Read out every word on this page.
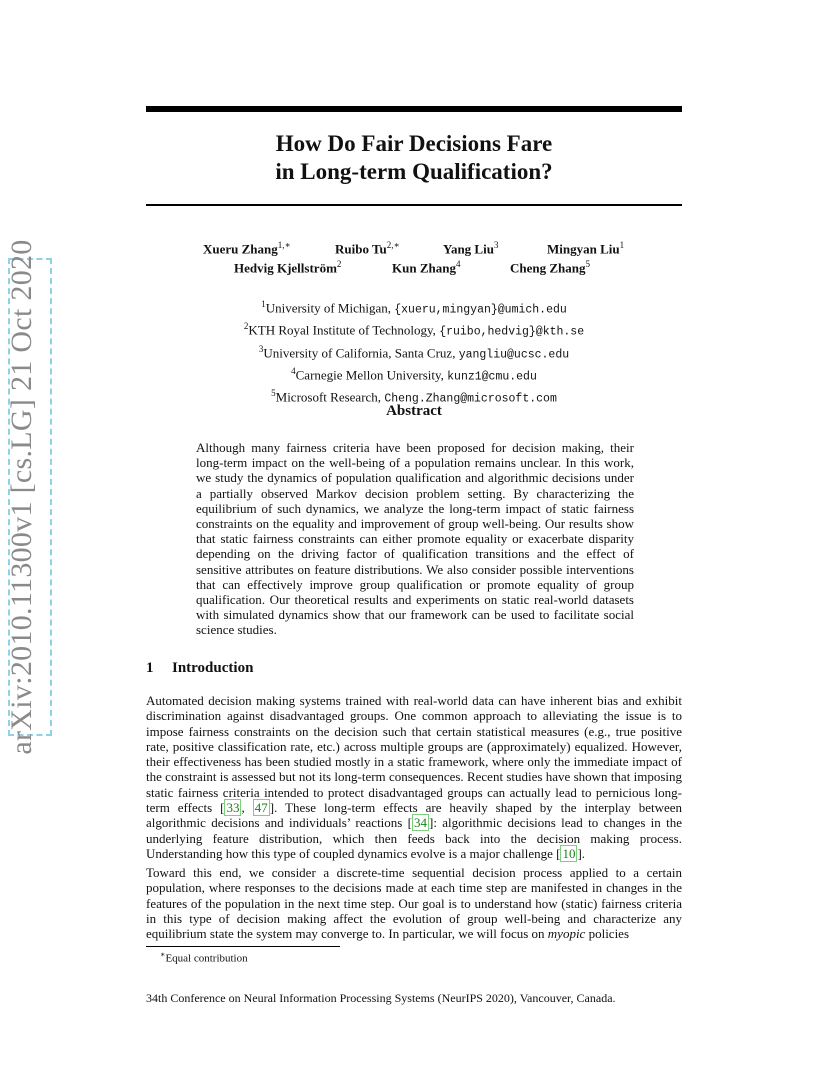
arXiv:2010.11300v1 [cs.LG] 21 Oct 2020
How Do Fair Decisions Fare
in Long-term Qualification?
Xueru Zhang$^{1,∗}$	Ruibo $Tu^{2,∗}$	Yang Liu$^3$	Mingyan Liu$^1$
Hedvig Kjellström$^2$	Kun Zhang$^4$	Cheng Zhang$^5$
$^1$University of Michigan, {xueru,mingyan}@umich.edu
$^2$KTH Royal Institute of Technology, {ruibo,hedvig}@kth.se
$^3$University of California, Santa Cruz, yangliu@ucsc.edu
$^4$Carnegie Mellon University, kunz1@cmu.edu
$^5$Microsoft Research, Cheng.Zhang@microsoft.com
Abstract
Although many fairness criteria have been proposed for decision making, their long-term impact on the well-being of a population remains unclear. In this work, we study the dynamics of population qualification and algorithmic decisions under a partially observed Markov decision problem setting. By characterizing the equilibrium of such dynamics, we analyze the long-term impact of static fairness constraints on the equality and improvement of group well-being. Our results show that static fairness constraints can either promote equality or exacerbate disparity depending on the driving factor of qualification transitions and the effect of sensitive attributes on feature distributions. We also consider possible interventions that can effectively improve group qualification or promote equality of group qualification. Our theoretical results and experiments on static real-world datasets with simulated dynamics show that our framework can be used to facilitate social science studies.
1 Introduction
Automated decision making systems trained with real-world data can have inherent bias and exhibit discrimination against disadvantaged groups. One common approach to alleviating the issue is to impose fairness constraints on the decision such that certain statistical measures (e.g., true positive rate, positive classification rate, etc.) across multiple groups are (approximately) equalized. However, their effectiveness has been studied mostly in a static framework, where only the immediate impact of the constraint is assessed but not its long-term consequences. Recent studies have shown that imposing static fairness criteria intended to protect disadvantaged groups can actually lead to pernicious long-term effects [ 33 , 47 ]. These long-term effects are heavily shaped by the interplay between algorithmic decisions and individuals’ reactions [ 34 ]: algorithmic decisions lead to changes in the underlying feature distribution, which then feeds back into the decision making process. Understanding how this type of coupled dynamics evolve is a major challenge [ 10 ].
Toward this end, we consider a discrete-time sequential decision process applied to a certain population, where responses to the decisions made at each time step are manifested in changes in the features of the population in the next time step. Our goal is to understand how (static) fairness criteria in this type of decision making affect the evolution of group well-being and characterize any equilibrium state the system may converge to. In particular, we will focus on myopic policies
∗Equal contribution
34th Conference on Neural Information Processing Systems (NeurIPS 2020), Vancouver, Canada.
